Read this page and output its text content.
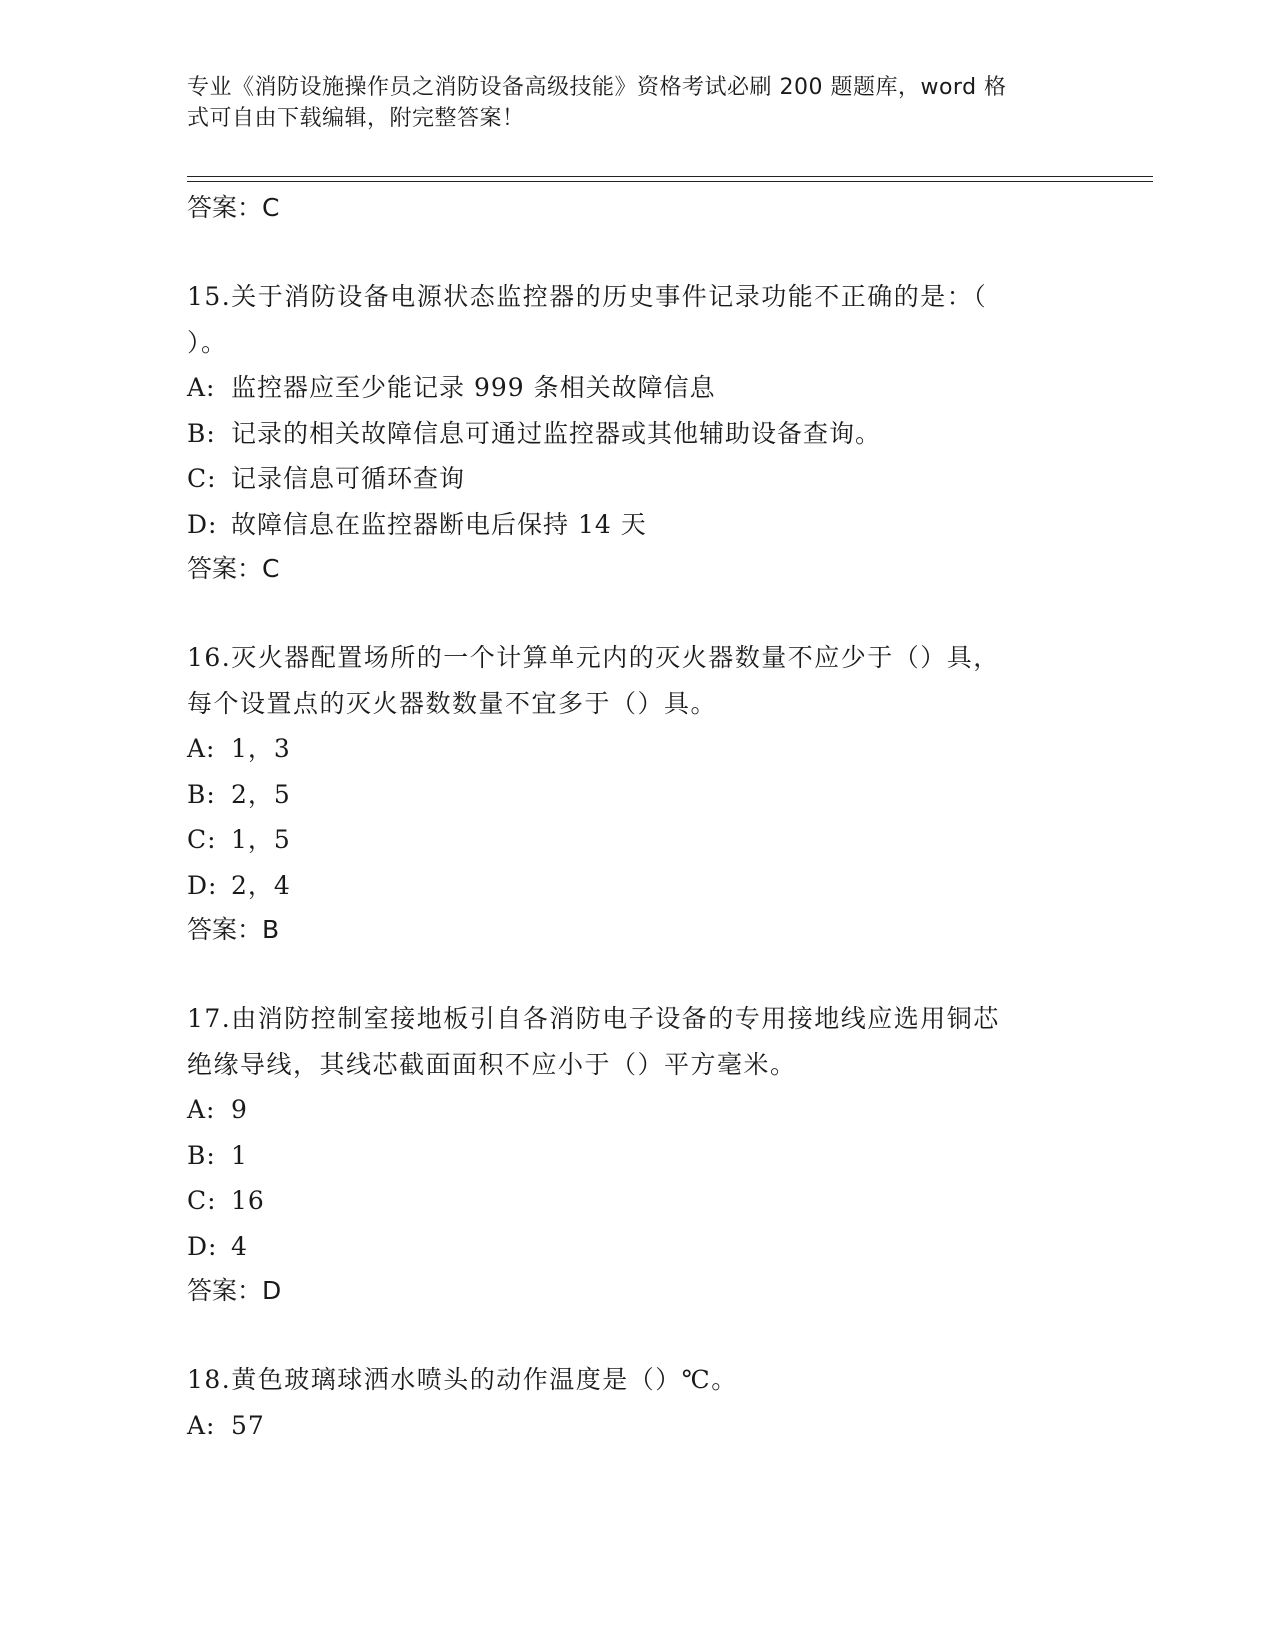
专业《消防设施操作员之消防设备高级技能》资格考试必刷 200 题题库，word 格
式可自由下载编辑，附完整答案！
答案：C
15.关于消防设备电源状态监控器的历史事件记录功能不正确的是：（
）。
A: 监控器应至少能记录 999 条相关故障信息
B: 记录的相关故障信息可通过监控器或其他辅助设备查询。
C: 记录信息可循环查询
D: 故障信息在监控器断电后保持 14 天
答案：C
16.灭火器配置场所的一个计算单元内的灭火器数量不应少于（）具，
每个设置点的灭火器数数量不宜多于（）具。
A: 1，3
B: 2，5
C: 1，5
D: 2，4
答案：B
17.由消防控制室接地板引自各消防电子设备的专用接地线应选用铜芯
绝缘导线，其线芯截面面积不应小于（）平方毫米。
A: 9
B: 1
C: 16
D: 4
答案：D
18.黄色玻璃球洒水喷头的动作温度是（）℃。
A: 57
